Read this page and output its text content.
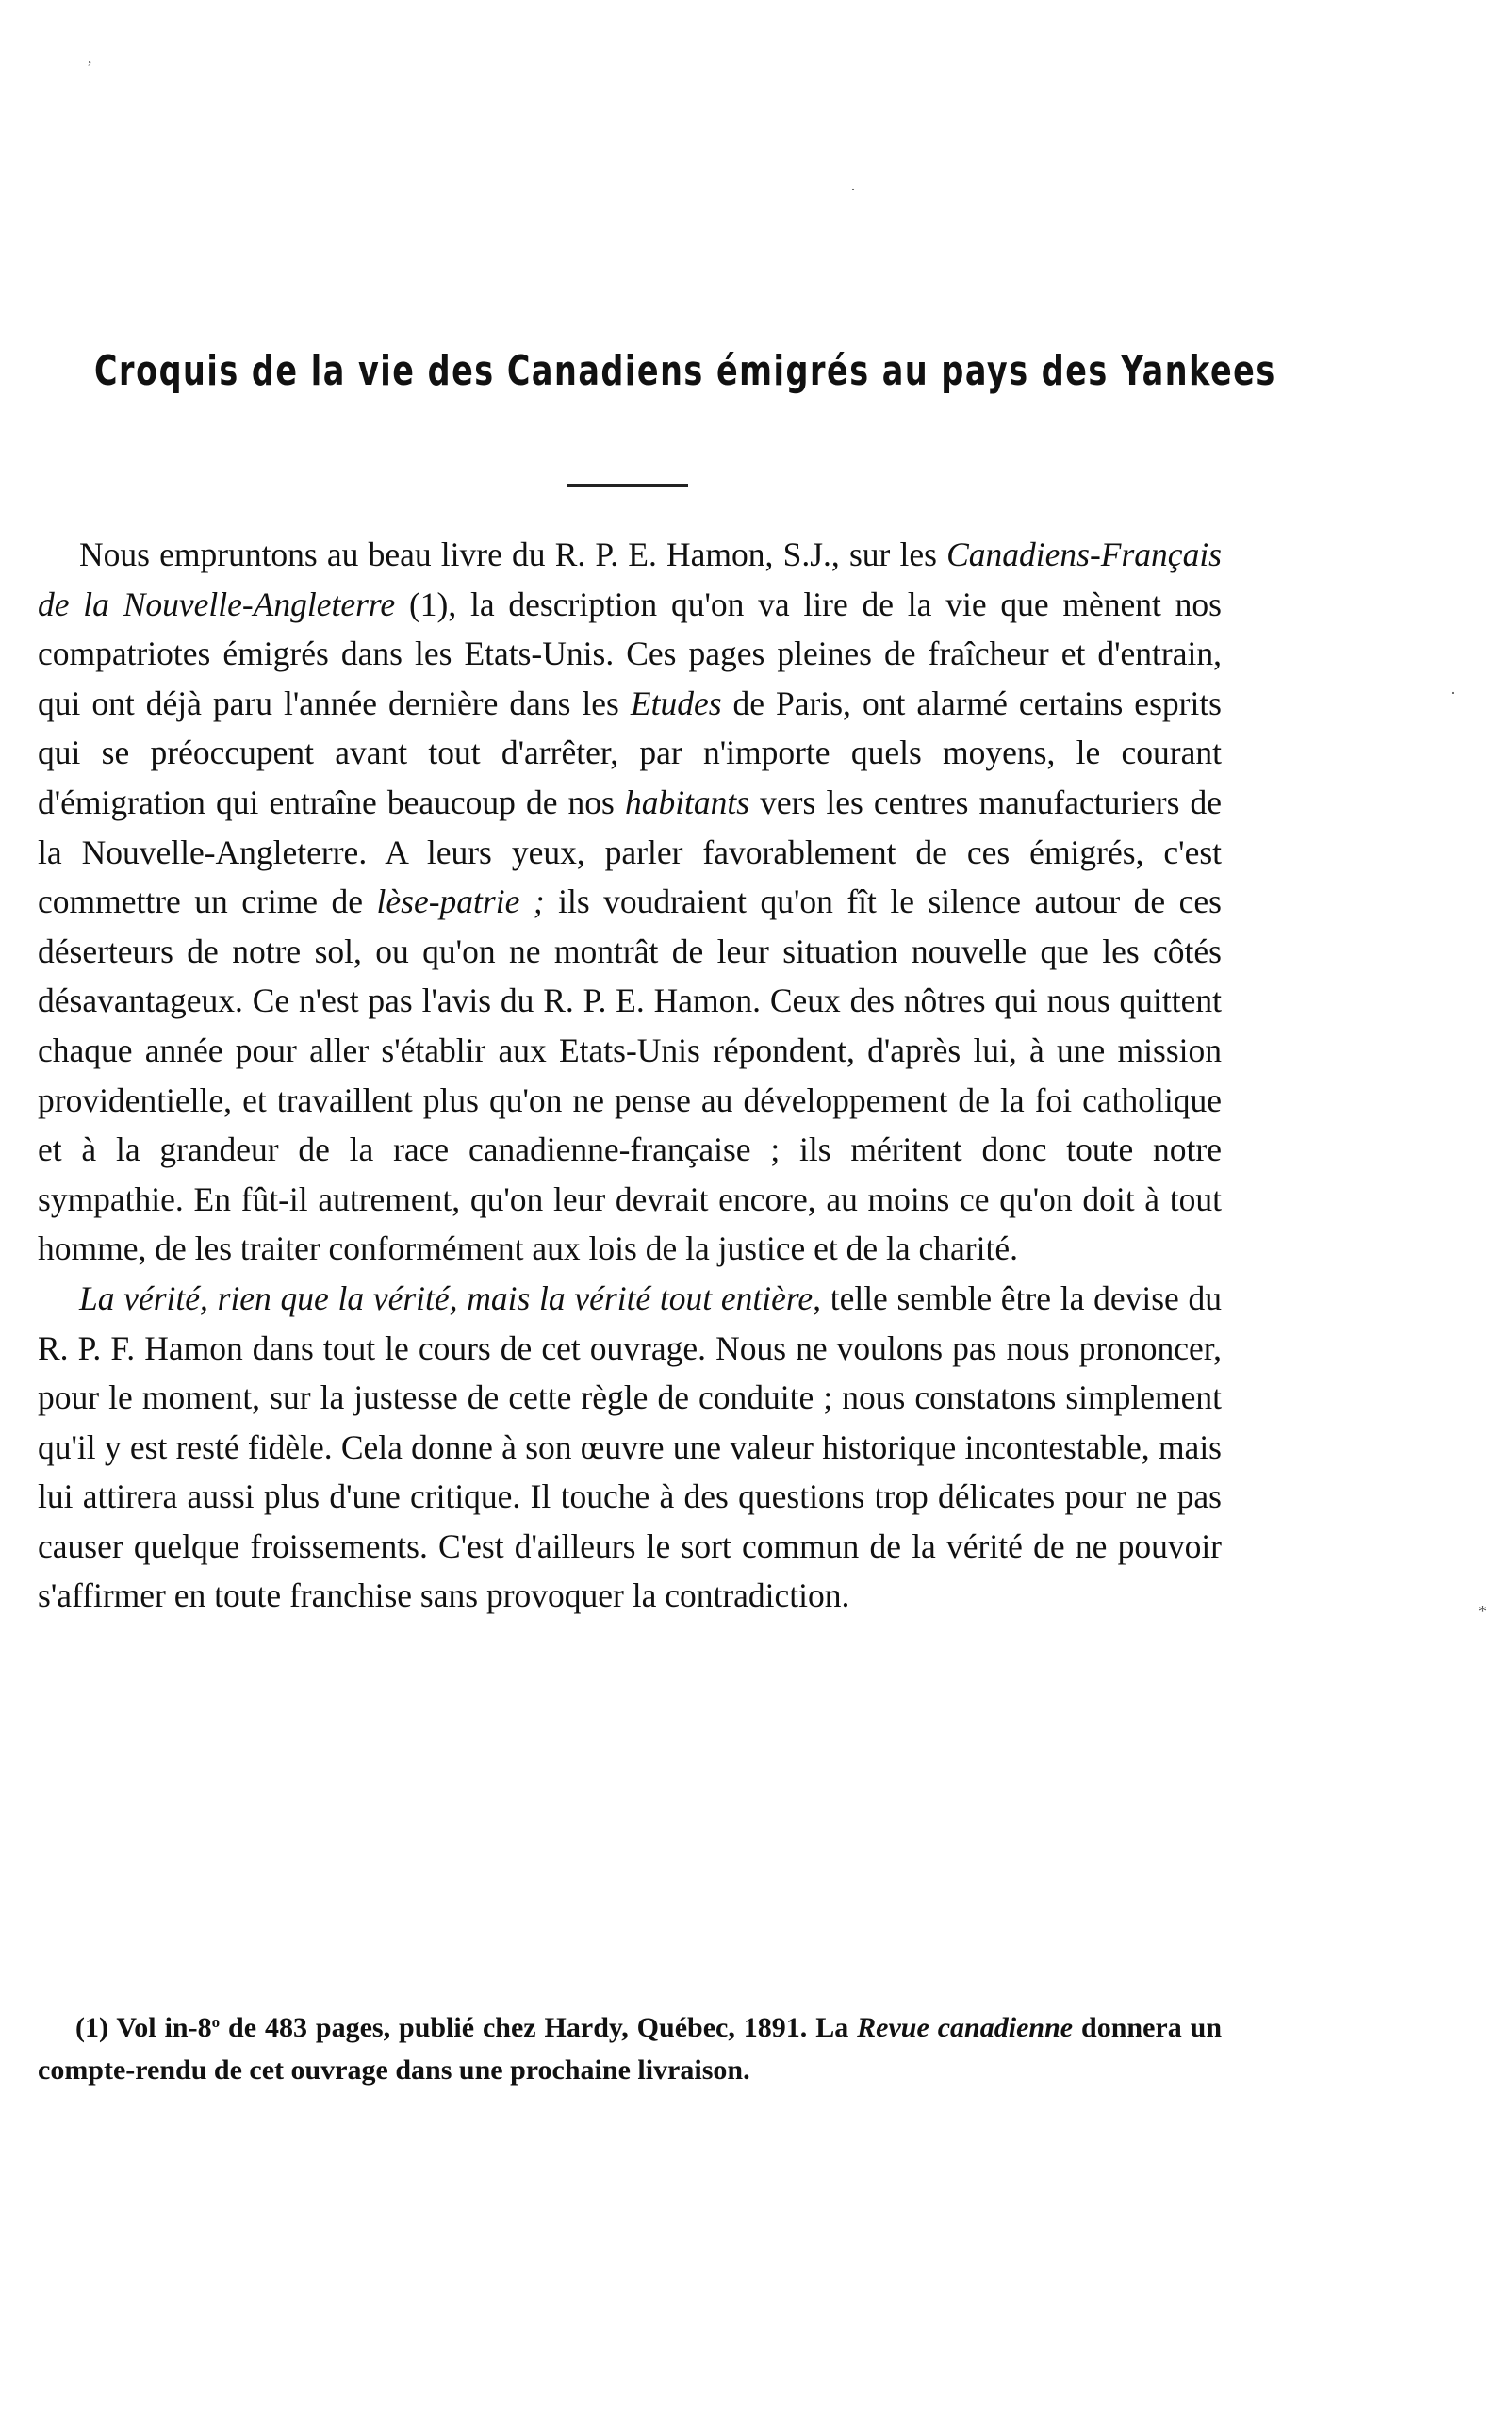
Croquis de la vie des Canadiens émigrés au pays des Yankees

Nous empruntons au beau livre du R. P. E. Hamon, S.J., sur les Canadiens-Français de la Nouvelle-Angleterre (1), la description qu'on va lire de la vie que mènent nos compatriotes émigrés dans les Etats-Unis. Ces pages pleines de fraîcheur et d'entrain, qui ont déjà paru l'année dernière dans les Etudes de Paris, ont alarmé certains esprits qui se préoccupent avant tout d'arrêter, par n'importe quels moyens, le courant d'émigration qui entraîne beaucoup de nos habitants vers les centres manufacturiers de la Nouvelle-Angleterre. A leurs yeux, parler favorablement de ces émigrés, c'est commettre un crime de lèse-patrie ; ils voudraient qu'on fît le silence autour de ces déserteurs de notre sol, ou qu'on ne montrât de leur situation nouvelle que les côtés désavantageux. Ce n'est pas l'avis du R. P. E. Hamon. Ceux des nôtres qui nous quittent chaque année pour aller s'établir aux Etats-Unis répondent, d'après lui, à une mission providentielle, et travaillent plus qu'on ne pense au développement de la foi catholique et à la grandeur de la race canadienne-française ; ils méritent donc toute notre sympathie. En fût-il autrement, qu'on leur devrait encore, au moins ce qu'on doit à tout homme, de les traiter conformément aux lois de la justice et de la charité.

La vérité, rien que la vérité, mais la vérité tout entière, telle semble être la devise du R. P. F. Hamon dans tout le cours de cet ouvrage. Nous ne voulons pas nous prononcer, pour le moment, sur la justesse de cette règle de conduite ; nous constatons simplement qu'il y est resté fidèle. Cela donne à son œuvre une valeur historique incontestable, mais lui attirera aussi plus d'une critique. Il touche à des questions trop délicates pour ne pas causer quelque froissements. C'est d'ailleurs le sort commun de la vérité de ne pouvoir s'affirmer en toute franchise sans provoquer la contradiction.

(1) Vol in-8$^o$ de 483 pages, publié chez Hardy, Québec, 1891. La Revue canadienne donnera un compte-rendu de cet ouvrage dans une prochaine livraison.

ʼ
·
·
*
